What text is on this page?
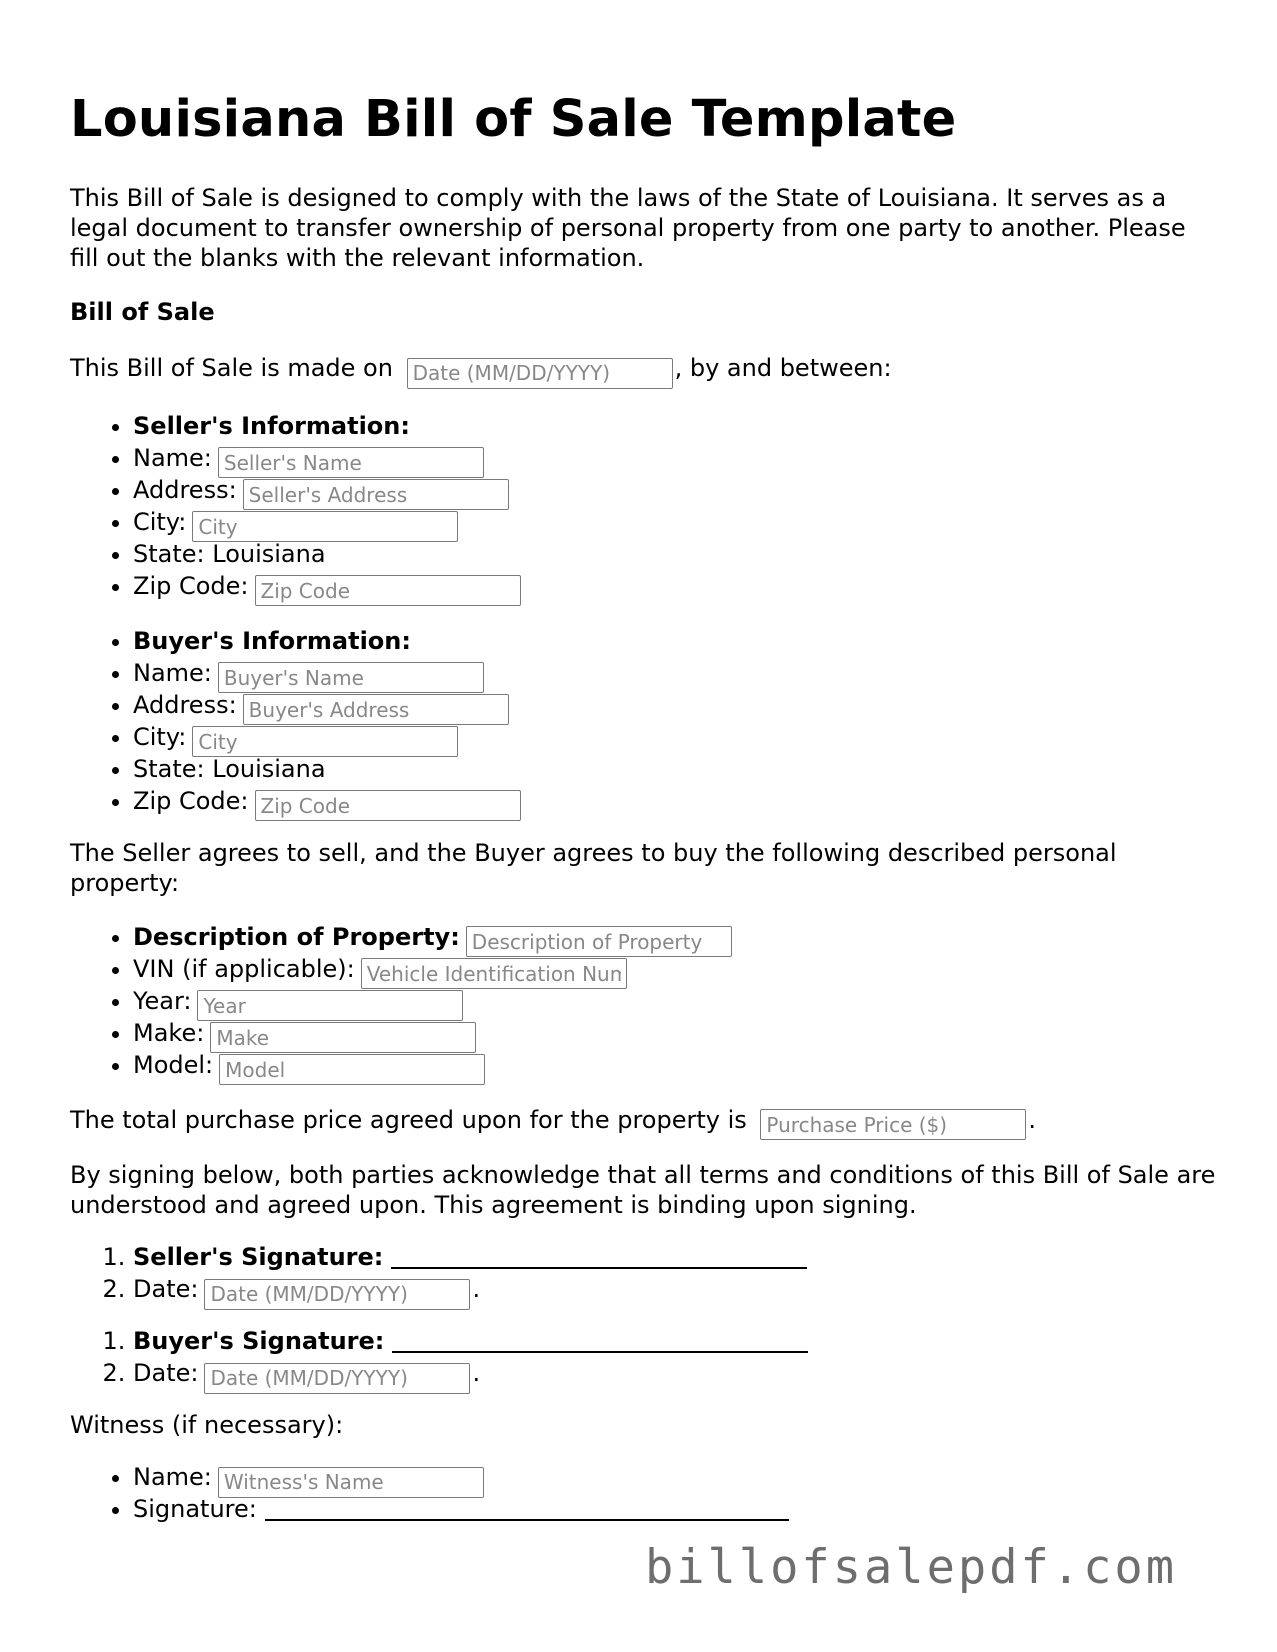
Louisiana Bill of Sale Template

This Bill of Sale is designed to comply with the laws of the State of Louisiana. It serves as a legal document to transfer ownership of personal property from one party to another. Please fill out the blanks with the relevant information.

Bill of Sale

This Bill of Sale is made on Date (MM/DD/YYYY)	, by and between:

• Seller's Information:
• Name:Seller's Name
• Address:Seller's Address
• City:City
• State: Louisiana
• Zip Code:Zip Code
• Buyer's Information:
• Name:Buyer's Name
• Address:Buyer's Address
• City:City
• State: Louisiana
• Zip Code:Zip Code

The Seller agrees to sell, and the Buyer agrees to buy the following described personal property:

• Description of Property:Description of Property
• VIN (if applicable):Vehicle Identification Number
• Year:Year
• Make:Make
• Model:Model

The total purchase price agreed upon for the property is Purchase Price ($)	.

By signing below, both parties acknowledge that all terms and conditions of this Bill of Sale are understood and agreed upon. This agreement is binding upon signing.

1. Seller's Signature:
2. Date:Date (MM/DD/YYYY)	.
1. Buyer's Signature:
2. Date:Date (MM/DD/YYYY)	.

Witness (if necessary):

• Name:Witness's Name
• Signature:
billofsalepdf.com
